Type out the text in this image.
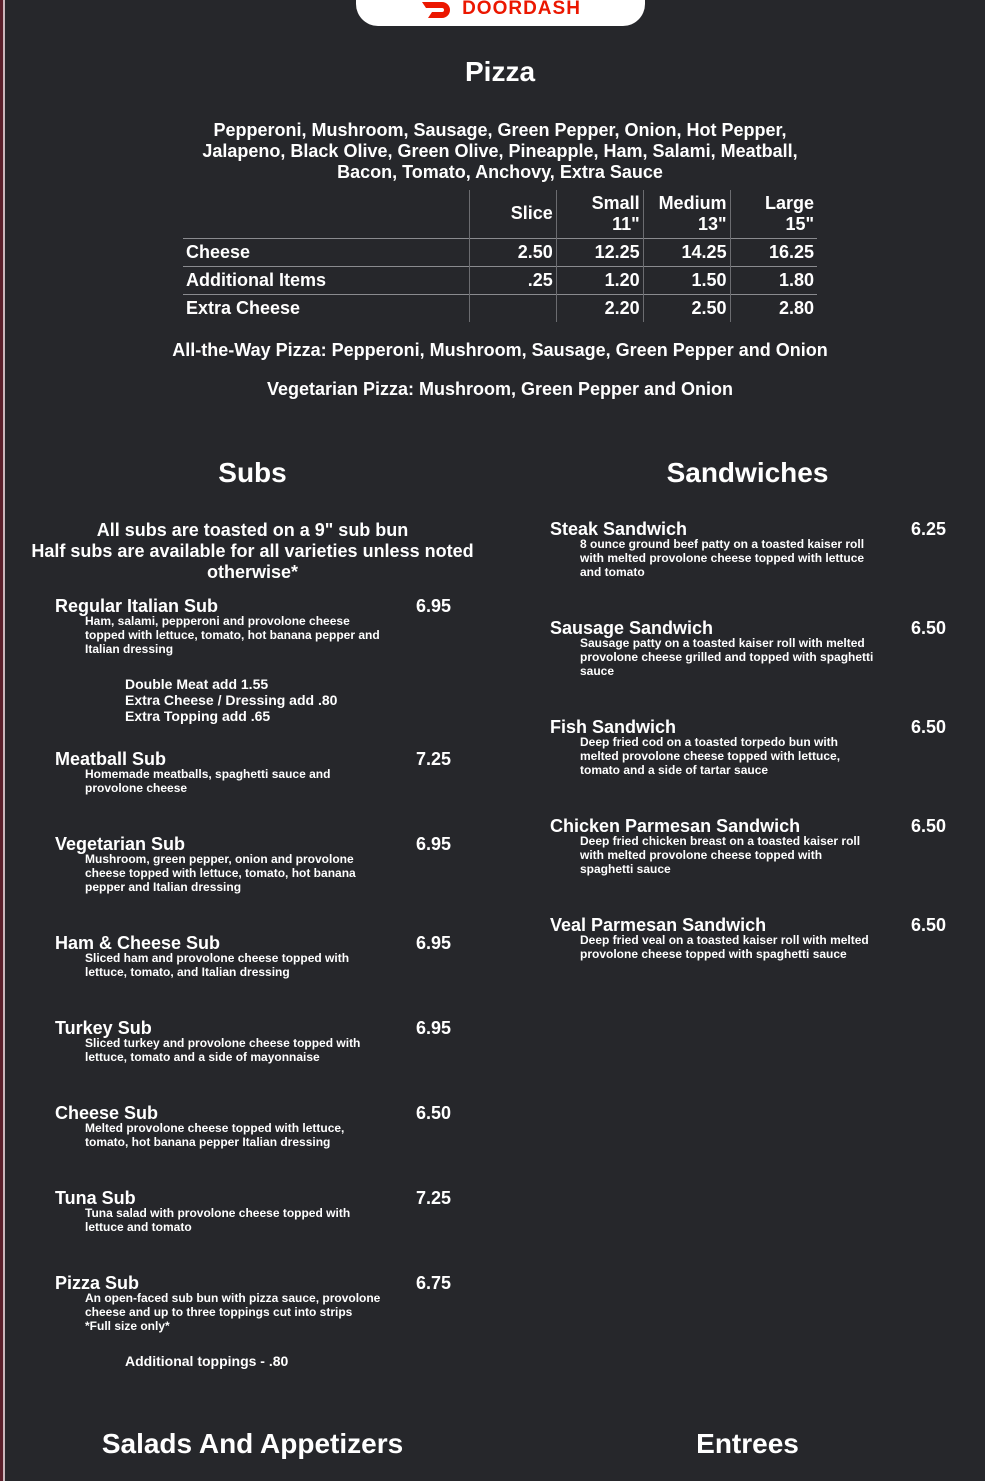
DOORDASH
Pizza
Pepperoni, Mushroom, Sausage, Green Pepper, Onion, Hot Pepper, Jalapeno, Black Olive, Green Olive, Pineapple, Ham, Salami, Meatball, Bacon, Tomato, Anchovy, Extra Sauce
	Slice	Small 11"	Medium 13"	Large 15"
Cheese	2.50	12.25	14.25	16.25
Additional Items	.25	1.20	1.50	1.80
Extra Cheese		2.20	2.50	2.80
All-the-Way Pizza: Pepperoni, Mushroom, Sausage, Green Pepper and Onion
Vegetarian Pizza: Mushroom, Green Pepper and Onion
Subs
All subs are toasted on a 9" sub bun
Half subs are available for all varieties unless noted otherwise*
Regular Italian Sub	6.95
Ham, salami, pepperoni and provolone cheese topped with lettuce, tomato, hot banana pepper and Italian dressing
Double Meat add 1.55
Extra Cheese / Dressing add .80
Extra Topping add .65
Meatball Sub	7.25
Homemade meatballs, spaghetti sauce and provolone cheese
Vegetarian Sub	6.95
Mushroom, green pepper, onion and provolone cheese topped with lettuce, tomato, hot banana pepper and Italian dressing
Ham & Cheese Sub	6.95
Sliced ham and provolone cheese topped with lettuce, tomato, and Italian dressing
Turkey Sub	6.95
Sliced turkey and provolone cheese topped with lettuce, tomato and a side of mayonnaise
Cheese Sub	6.50
Melted provolone cheese topped with lettuce, tomato, hot banana pepper Italian dressing
Tuna Sub	7.25
Tuna salad with provolone cheese topped with lettuce and tomato
Pizza Sub	6.75
An open-faced sub bun with pizza sauce, provolone cheese and up to three toppings cut into strips
*Full size only*
Additional toppings - .80
Sandwiches
Steak Sandwich	6.25
8 ounce ground beef patty on a toasted kaiser roll with melted provolone cheese topped with lettuce and tomato
Sausage Sandwich	6.50
Sausage patty on a toasted kaiser roll with melted provolone cheese grilled and topped with spaghetti sauce
Fish Sandwich	6.50
Deep fried cod on a toasted torpedo bun with melted provolone cheese topped with lettuce, tomato and a side of tartar sauce
Chicken Parmesan Sandwich	6.50
Deep fried chicken breast on a toasted kaiser roll with melted provolone cheese topped with spaghetti sauce
Veal Parmesan Sandwich	6.50
Deep fried veal on a toasted kaiser roll with melted provolone cheese topped with spaghetti sauce
Salads And Appetizers	Entrees
